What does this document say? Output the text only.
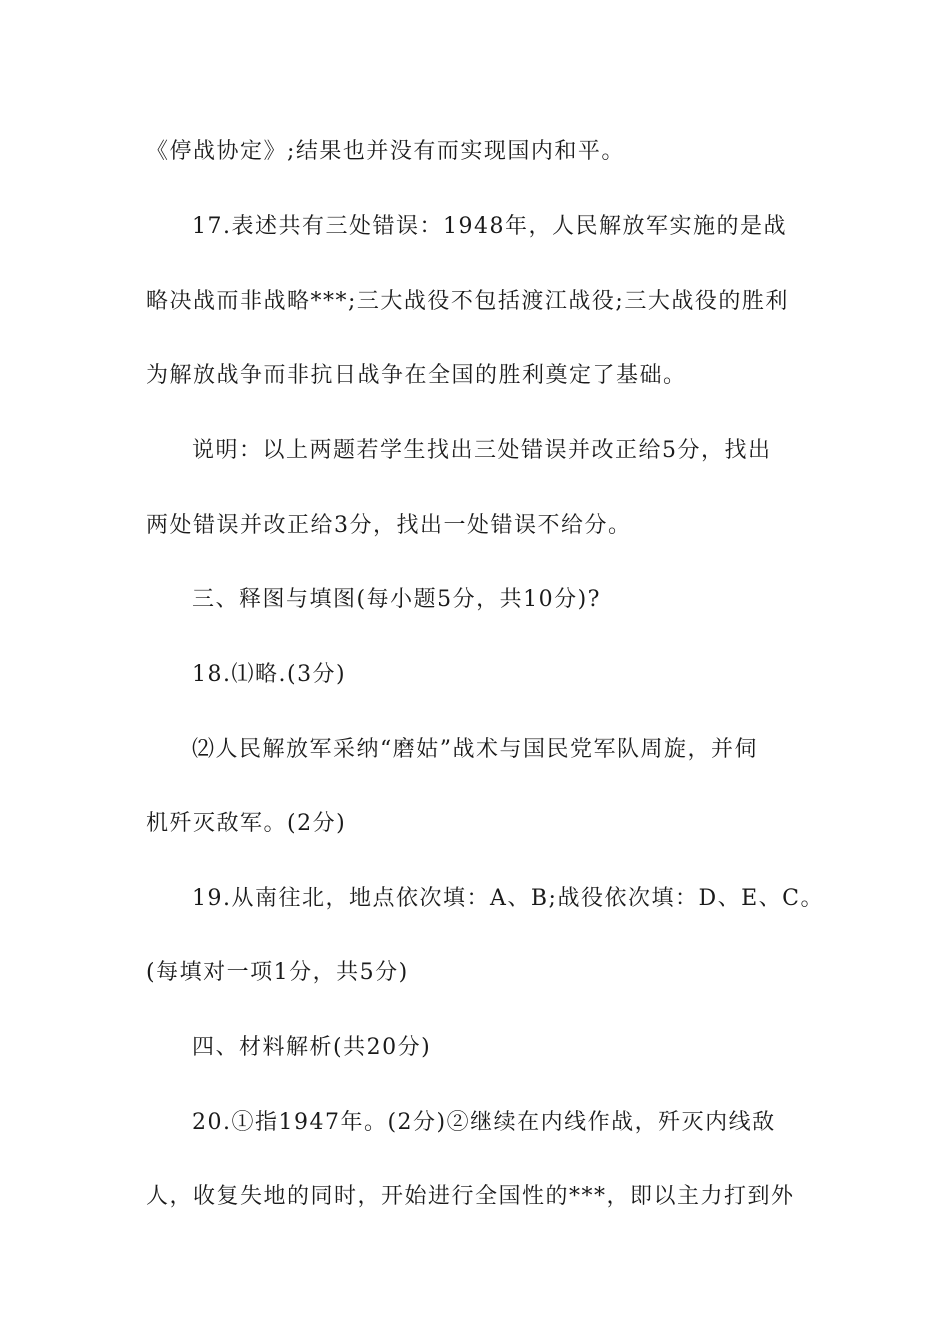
《停战协定》;结果也并没有而实现国内和平。
17.表述共有三处错误：1948年，人民解放军实施的是战
略决战而非战略***;三大战役不包括渡江战役;三大战役的胜利
为解放战争而非抗日战争在全国的胜利奠定了基础。
说明：以上两题若学生找出三处错误并改正给5分，找出
两处错误并改正给3分，找出一处错误不给分。
三、释图与填图(每小题5分，共10分)?
18.⑴略.(3分)
⑵人民解放军采纳“磨姑”战术与国民党军队周旋，并伺
机歼灭敌军。(2分)
19.从南往北，地点依次填：A、B;战役依次填：D、E、C。
(每填对一项1分，共5分)
四、材料解析(共20分)
20.①指1947年。(2分)②继续在内线作战，歼灭内线敌
人，收复失地的同时，开始进行全国性的***，即以主力打到外
